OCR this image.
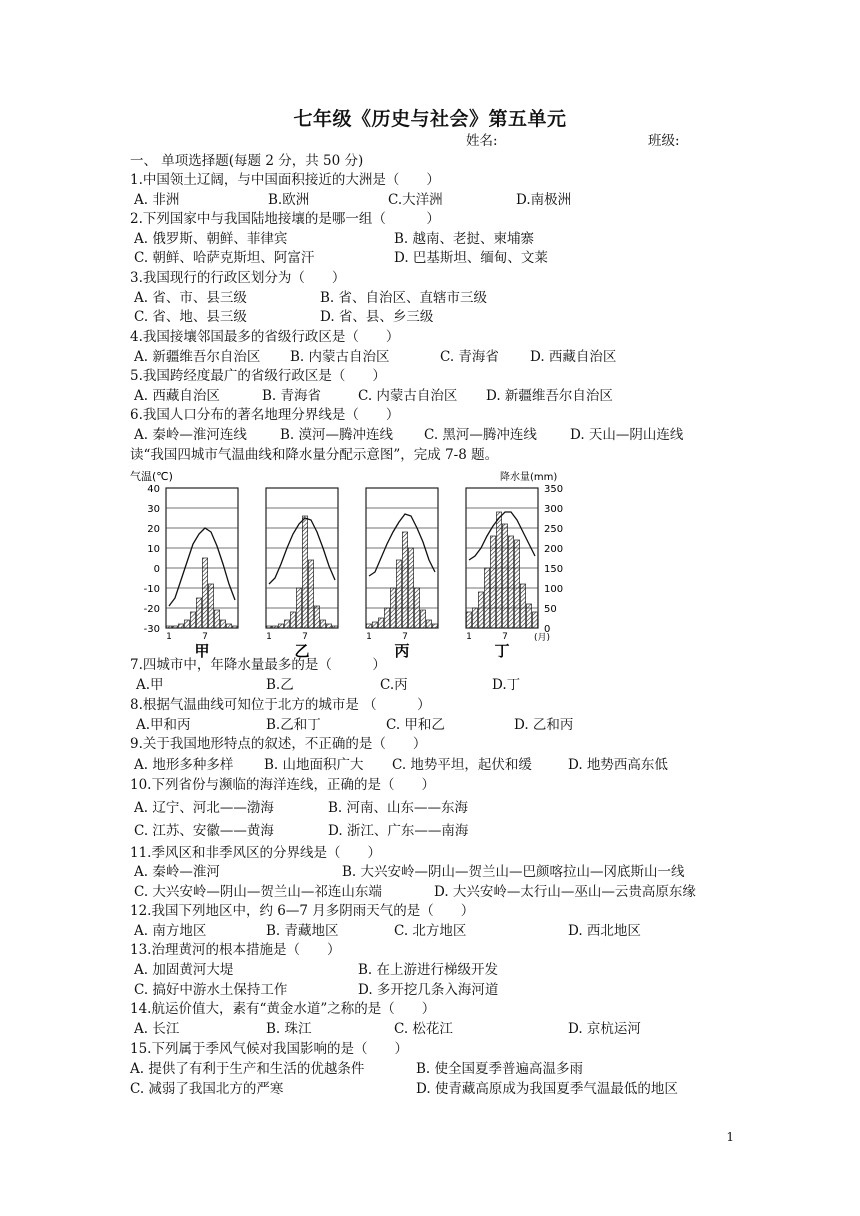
七年级《历史与社会》第五单元
姓名:	班级:
一、 单项选择题(每题 2 分，共 50 分)
1.中国领土辽阔，与中国面积接近的大洲是（　　）
A. 非洲	B.欧洲	C.大洋洲	D.南极洲
2.下列国家中与我国陆地接壤的是哪一组（　　　）
A. 俄罗斯、朝鲜、菲律宾	B. 越南、老挝、柬埔寨
C. 朝鲜、哈萨克斯坦、阿富汗	D. 巴基斯坦、缅甸、文莱
3.我国现行的行政区划分为（　　）
A. 省、市、县三级	B. 省、自治区、直辖市三级
C. 省、地、县三级	D. 省、县、乡三级
4.我国接壤邻国最多的省级行政区是（　　）
A. 新疆维吾尔自治区 B. 内蒙古自治区	C. 青海省 D. 西藏自治区
5.我国跨经度最广的省级行政区是（　　）
A. 西藏自治区	B. 青海省	C. 内蒙古自治区 D. 新疆维吾尔自治区
6.我国人口分布的著名地理分界线是（　　）
A. 秦岭—淮河连线 B. 漠河—腾冲连线 C. 黑河—腾冲连线 D. 天山—阴山连线
读“我国四城市气温曲线和降水量分配示意图”，完成 7-8 题。
气温(℃)	降水量(mm)
40
30
20
10
0
-10
-20
-30
350
300
250
200
150
100
50
0
1	7
甲
1	7
乙
1	7
丙
1	7
丁
(月)
7.四城市中，年降水量最多的是（　　　）
A.甲	B.乙	C.丙	D.丁
8.根据气温曲线可知位于北方的城市是 （　　　）
A.甲和丙	B.乙和丁	C. 甲和乙	D. 乙和丙
9.关于我国地形特点的叙述，不正确的是（　　）
A. 地形多种多样 B. 山地面积广大 C. 地势平坦，起伏和缓	D. 地势西高东低
10.下列省份与濒临的海洋连线，正确的是（　　）
A. 辽宁、河北——渤海	B. 河南、山东——东海
C. 江苏、安徽——黄海	D. 浙江、广东——南海
11.季风区和非季风区的分界线是（　　）
A. 秦岭—淮河	B. 大兴安岭—阴山—贺兰山—巴颜喀拉山—冈底斯山一线
C. 大兴安岭—阴山—贺兰山—祁连山东端	D. 大兴安岭—太行山—巫山—云贵高原东缘
12.我国下列地区中，约 6—7 月多阴雨天气的是（　　）
A. 南方地区	B. 青藏地区	C. 北方地区	D. 西北地区
13.治理黄河的根本措施是（　　）
A. 加固黄河大堤	B. 在上游进行梯级开发
C. 搞好中游水土保持工作	D. 多开挖几条入海河道
14.航运价值大，素有“黄金水道”之称的是（　　）
A. 长江	B. 珠江	C. 松花江	D. 京杭运河
15.下列属于季风气候对我国影响的是（　　）
A. 提供了有利于生产和生活的优越条件	B. 使全国夏季普遍高温多雨
C. 减弱了我国北方的严寒	D. 使青藏高原成为我国夏季气温最低的地区
1
